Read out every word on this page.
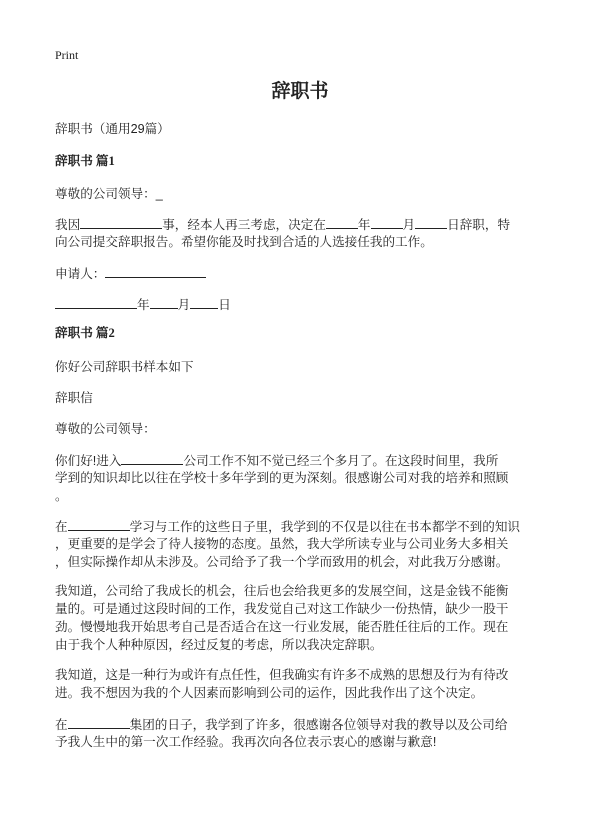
Print
辞职书
辞职书（通用29篇）
辞职书 篇1
尊敬的公司领导：_
我因	事，经本人再三考虑，决定在	年	月	日辞职，特
向公司提交辞职报告。希望你能及时找到合适的人选接任我的工作。
申请人：
年 月 日
辞职书 篇2
你好公司辞职书样本如下
辞职信
尊敬的公司领导：
你们好!进入	公司工作不知不觉已经三个多月了。在这段时间里，我所
学到的知识却比以往在学校十多年学到的更为深刻。很感谢公司对我的培养和照顾
。
在	学习与工作的这些日子里，我学到的不仅是以往在书本都学不到的知识
，更重要的是学会了待人接物的态度。虽然，我大学所读专业与公司业务大多相关
，但实际操作却从未涉及。公司给予了我一个学而致用的机会，对此我万分感谢。
我知道，公司给了我成长的机会，往后也会给我更多的发展空间，这是金钱不能衡
量的。可是通过这段时间的工作，我发觉自己对这工作缺少一份热情，缺少一股干
劲。慢慢地我开始思考自己是否适合在这一行业发展，能否胜任往后的工作。现在
由于我个人种种原因，经过反复的考虑，所以我决定辞职。
我知道，这是一种行为或许有点任性，但我确实有许多不成熟的思想及行为有待改
进。我不想因为我的个人因素而影响到公司的运作，因此我作出了这个决定。
在	集团的日子，我学到了许多，很感谢各位领导对我的教导以及公司给
予我人生中的第一次工作经验。我再次向各位表示衷心的感谢与歉意!
